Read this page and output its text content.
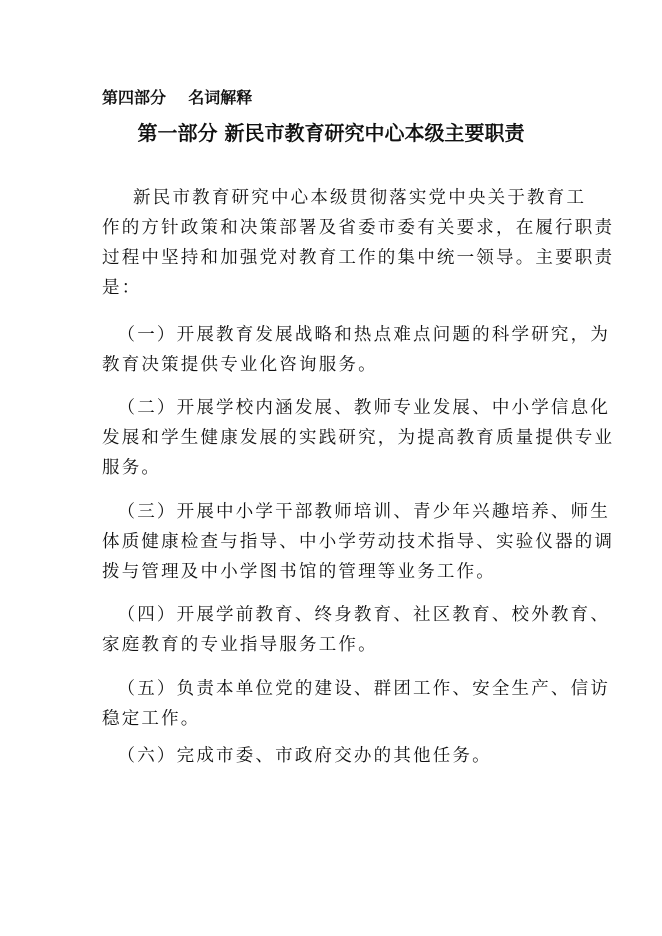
第四部分    名词解释
第一部分 新民市教育研究中心本级主要职责
新民市教育研究中心本级贯彻落实党中央关于教育工
作的方针政策和决策部署及省委市委有关要求，在履行职责
过程中坚持和加强党对教育工作的集中统一领导。主要职责
是：
（一）开展教育发展战略和热点难点问题的科学研究，为
教育决策提供专业化咨询服务。
（二）开展学校内涵发展、教师专业发展、中小学信息化
发展和学生健康发展的实践研究，为提高教育质量提供专业
服务。
（三）开展中小学干部教师培训、青少年兴趣培养、师生
体质健康检查与指导、中小学劳动技术指导、实验仪器的调
拨与管理及中小学图书馆的管理等业务工作。
（四）开展学前教育、终身教育、社区教育、校外教育、
家庭教育的专业指导服务工作。
（五）负责本单位党的建设、群团工作、安全生产、信访
稳定工作。
（六）完成市委、市政府交办的其他任务。
